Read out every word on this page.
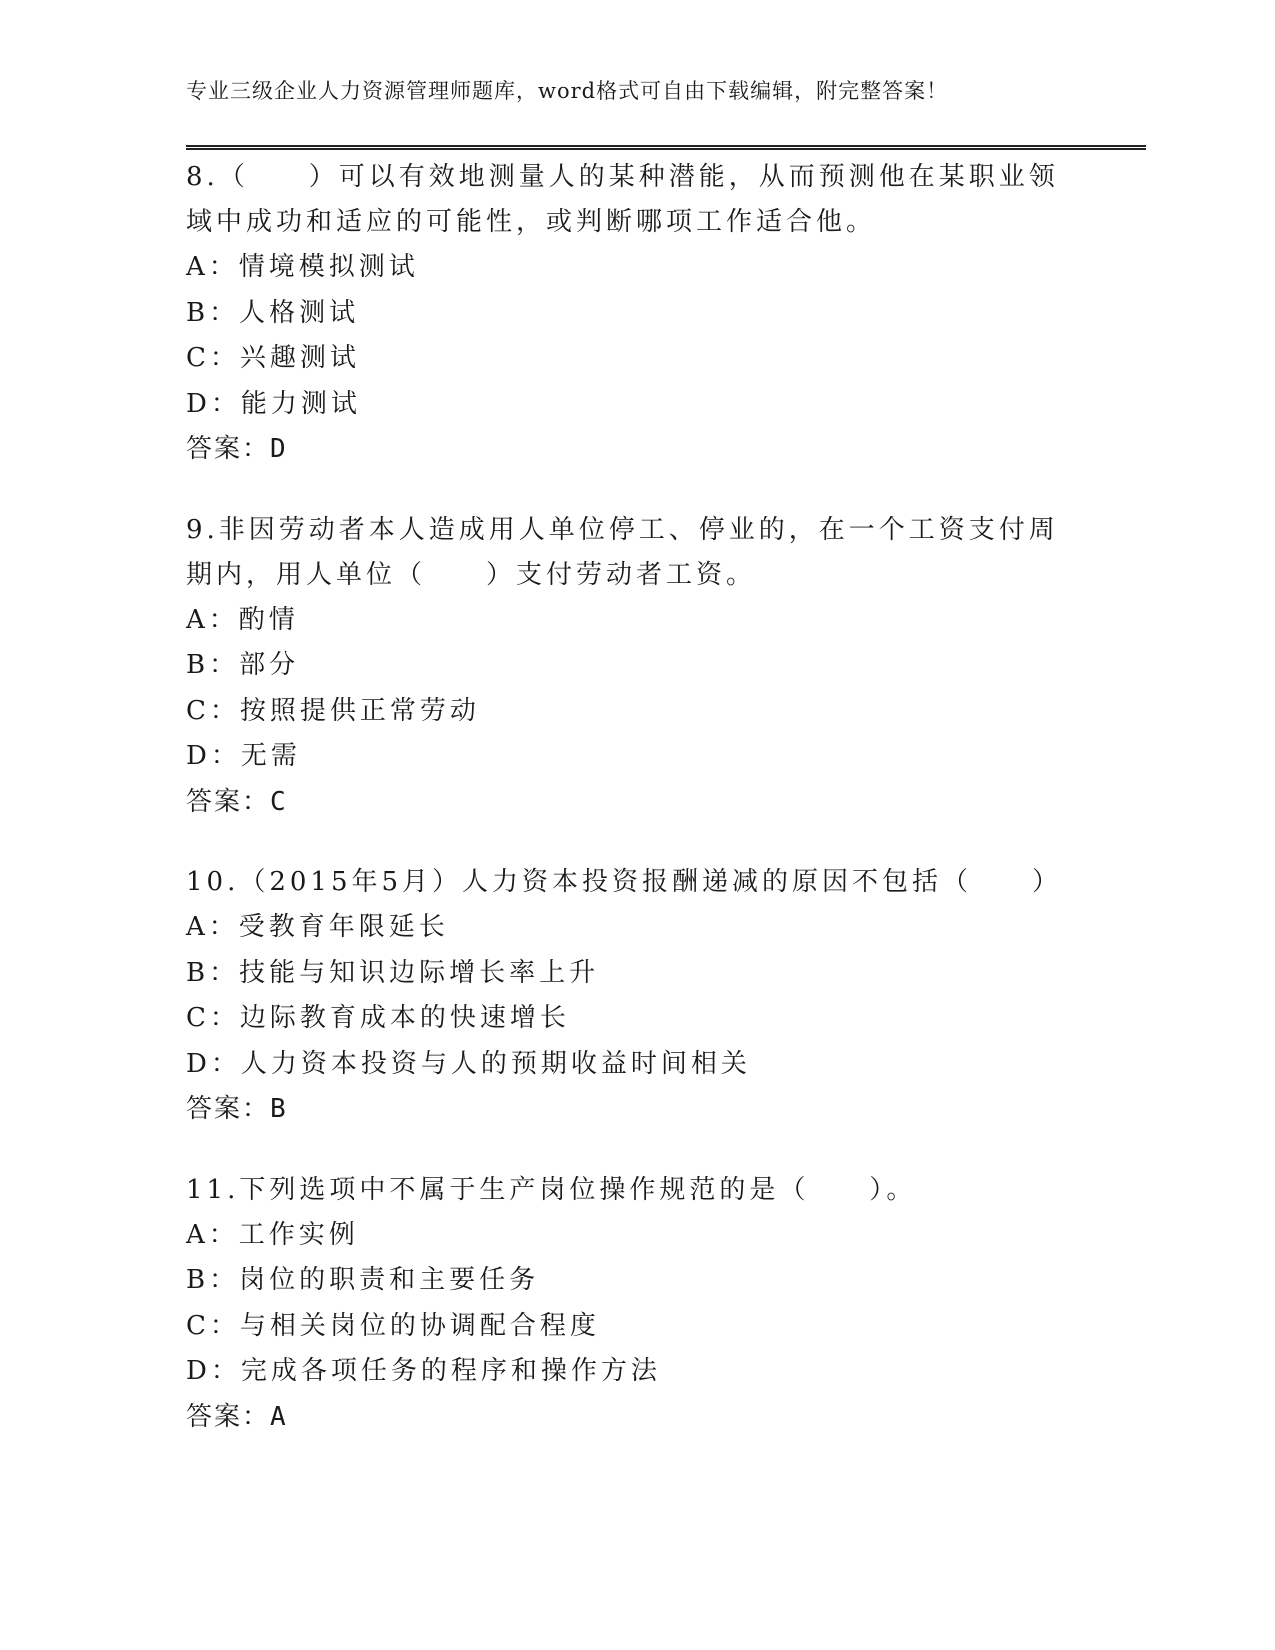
专业三级企业人力资源管理师题库，word格式可自由下载编辑，附完整答案！

8.（　　）可以有效地测量人的某种潜能，从而预测他在某职业领域中成功和适应的可能性，或判断哪项工作适合他。

A：情境模拟测试

B：人格测试

C：兴趣测试

D：能力测试

答案：D

9.非因劳动者本人造成用人单位停工、停业的，在一个工资支付周期内，用人单位（　　）支付劳动者工资。

A：酌情

B：部分

C：按照提供正常劳动

D：无需

答案：C

10.（2015年5月）人力资本投资报酬递减的原因不包括（　　）

A：受教育年限延长

B：技能与知识边际增长率上升

C：边际教育成本的快速增长

D：人力资本投资与人的预期收益时间相关

答案：B

11.下列选项中不属于生产岗位操作规范的是（　　）。

A：工作实例

B：岗位的职责和主要任务

C：与相关岗位的协调配合程度

D：完成各项任务的程序和操作方法

答案：A
